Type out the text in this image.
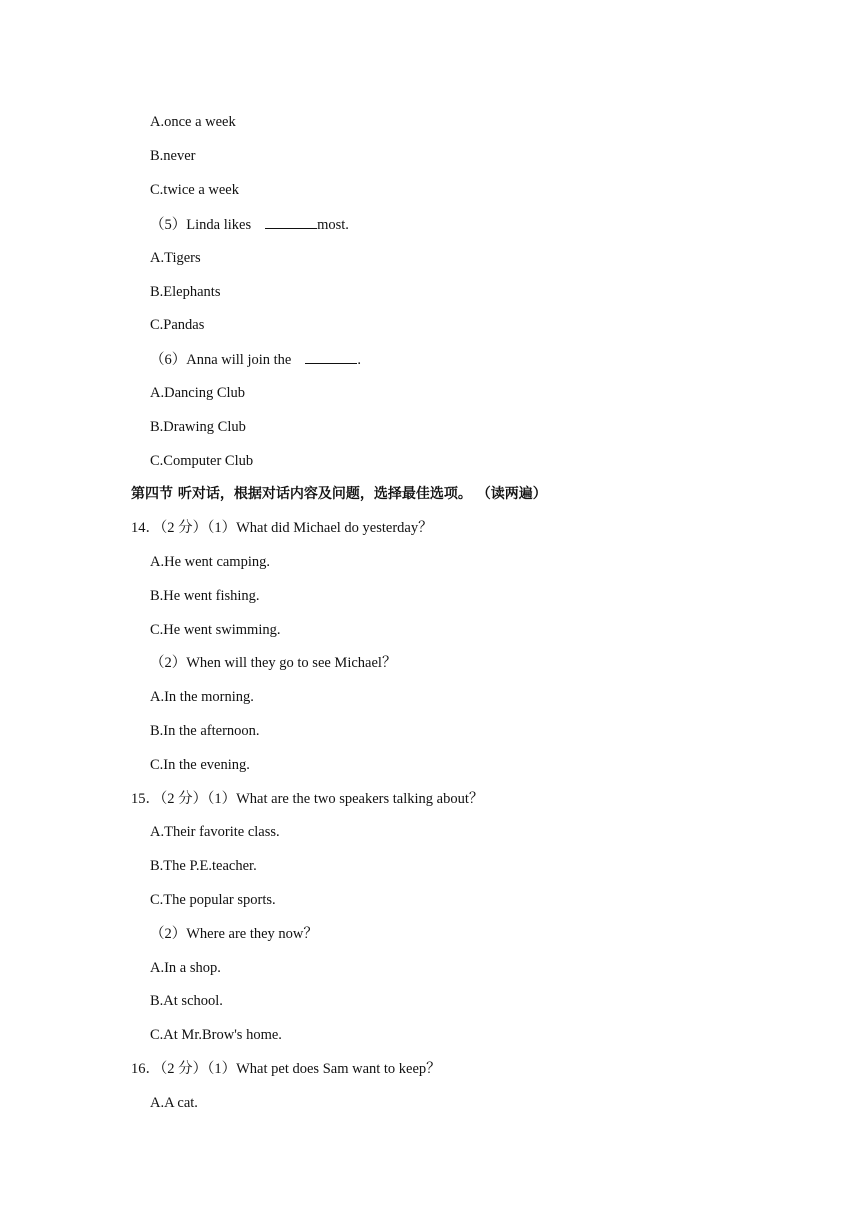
A.once a week
B.never
C.twice a week
（5）Linda likes	most.
A.Tigers
B.Elephants
C.Pandas
（6）Anna will join the	.
A.Dancing Club
B.Drawing Club
C.Computer Club
第四节 听对话，根据对话内容及问题，选择最佳选项。 （读两遍）
14．（2 分）（1）What did Michael do yesterday？
A.He went camping.
B.He went fishing.
C.He went swimming.
（2）When will they go to see Michael？
A.In the morning.
B.In the afternoon.
C.In the evening.
15．（2 分）（1）What are the two speakers talking about？
A.Their favorite class.
B.The P.E.teacher.
C.The popular sports.
（2）Where are they now？
A.In a shop.
B.At school.
C.At Mr.Brow's home.
16．（2 分）（1）What pet does Sam want to keep？
A.A cat.
